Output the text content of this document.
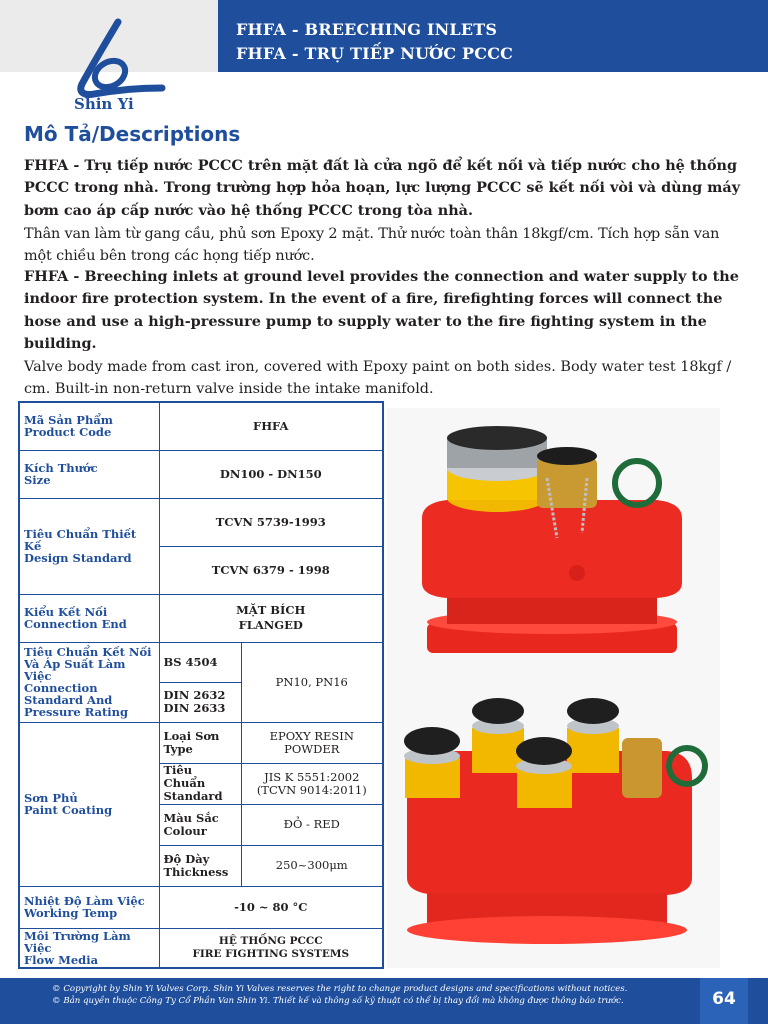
Shin Yi
FHFA - BREECHING INLETS
FHFA - TRỤ TIẾP NƯỚC PCCC
Mô Tả/Descriptions
FHFA - Trụ tiếp nước PCCC trên mặt đất là cửa ngõ để kết nối và tiếp nước cho hệ thống PCCC trong nhà. Trong trường hợp hỏa hoạn, lực lượng PCCC sẽ kết nối vòi và dùng máy bơm cao áp cấp nước vào hệ thống PCCC trong tòa nhà.
Thân van làm từ gang cầu, phủ sơn Epoxy 2 mặt. Thử nước toàn thân 18kgf/cm. Tích hợp sẵn van một chiều bên trong các họng tiếp nước.
FHFA - Breeching inlets at ground level provides the connection and water supply to the indoor fire protection system. In the event of a fire, firefighting forces will connect the hose and use a high-pressure pump to supply water to the fire fighting system in the building.
Valve body made from cast iron, covered with Epoxy paint on both sides. Body water test 18kgf / cm. Built-in non-return valve inside the intake manifold.
Mã Sản Phẩm
Product Code	FHFA	
Kích Thước
Size	DN100 - DN150	
Tiêu Chuẩn Thiết Kế
Design Standard	TCVN 5739-1993	
	TCVN 6379 - 1998	
Kiểu Kết Nối
Connection End	MẶT BÍCH
FLANGED	
Tiêu Chuẩn Kết Nối
Và Áp Suất Làm Việc
Connection
Standard And
Pressure Rating	BS 4504	PN10, PN16
	DIN 2632
DIN 2633	
Sơn Phủ
Paint Coating	Loại Sơn
Type	EPOXY RESIN POWDER
	Tiêu Chuẩn
Standard	JIS K 5551:2002
(TCVN 9014:2011)
	Màu Sắc
Colour	ĐỎ - RED
	Độ Dày
Thickness	250~300μm
Nhiệt Độ Làm Việc
Working Temp	-10 ~ 80 °C	
Môi Trường Làm Việc
Flow Media	HỆ THỐNG PCCC
FIRE FIGHTING SYSTEMS	
© Copyright by Shin Yi Valves Corp. Shin Yi Valves reserves the right to change product designs and specifications without notices.
© Bản quyền thuộc Công Ty Cổ Phần Van Shin Yi. Thiết kế và thông số kỹ thuật có thể bị thay đổi mà không được thông báo trước.	64
